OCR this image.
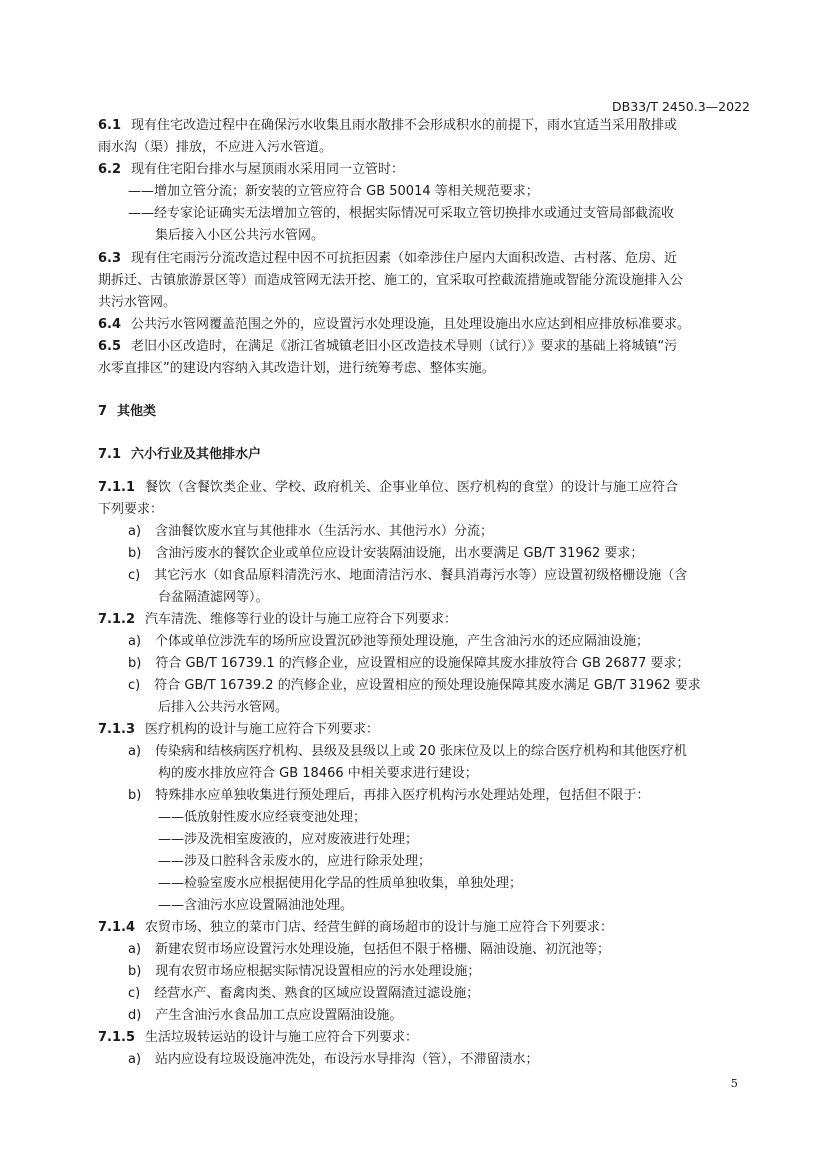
DB33/T 2450.3—2022
6.1 现有住宅改造过程中在确保污水收集且雨水散排不会形成积水的前提下，雨水宜适当采用散排或
雨水沟（渠）排放，不应进入污水管道。
6.2 现有住宅阳台排水与屋顶雨水采用同一立管时：
——增加立管分流；新安装的立管应符合 GB 50014 等相关规范要求；
——经专家论证确实无法增加立管的，根据实际情况可采取立管切换排水或通过支管局部截流收
集后接入小区公共污水管网。
6.3 现有住宅雨污分流改造过程中因不可抗拒因素（如牵涉住户屋内大面积改造、古村落、危房、近
期拆迁、古镇旅游景区等）而造成管网无法开挖、施工的，宜采取可控截流措施或智能分流设施排入公
共污水管网。
6.4 公共污水管网覆盖范围之外的，应设置污水处理设施，且处理设施出水应达到相应排放标准要求。
6.5 老旧小区改造时，在满足《浙江省城镇老旧小区改造技术导则（试行）》要求的基础上将城镇“污
水零直排区”的建设内容纳入其改造计划，进行统筹考虑、整体实施。
7 其他类
7.1 六小行业及其他排水户
7.1.1 餐饮（含餐饮类企业、学校、政府机关、企事业单位、医疗机构的食堂）的设计与施工应符合
下列要求：
a) 含油餐饮废水宜与其他排水（生活污水、其他污水）分流；
b) 含油污废水的餐饮企业或单位应设计安装隔油设施，出水要满足 GB/T 31962 要求；
c) 其它污水（如食品原料清洗污水、地面清洁污水、餐具消毒污水等）应设置初级格栅设施（含
台盆隔渣滤网等）。
7.1.2 汽车清洗、维修等行业的设计与施工应符合下列要求：
a) 个体或单位涉洗车的场所应设置沉砂池等预处理设施，产生含油污水的还应隔油设施；
b) 符合 GB/T 16739.1 的汽修企业，应设置相应的设施保障其废水排放符合 GB 26877 要求；
c) 符合 GB/T 16739.2 的汽修企业，应设置相应的预处理设施保障其废水满足 GB/T 31962 要求
后排入公共污水管网。
7.1.3 医疗机构的设计与施工应符合下列要求：
a) 传染病和结核病医疗机构、县级及县级以上或 20 张床位及以上的综合医疗机构和其他医疗机
构的废水排放应符合 GB 18466 中相关要求进行建设；
b) 特殊排水应单独收集进行预处理后，再排入医疗机构污水处理站处理，包括但不限于：
——低放射性废水应经衰变池处理；
——涉及洗相室废液的，应对废液进行处理；
——涉及口腔科含汞废水的，应进行除汞处理；
——检验室废水应根据使用化学品的性质单独收集，单独处理；
——含油污水应设置隔油池处理。
7.1.4 农贸市场、独立的菜市门店、经营生鲜的商场超市的设计与施工应符合下列要求：
a) 新建农贸市场应设置污水处理设施，包括但不限于格栅、隔油设施、初沉池等；
b) 现有农贸市场应根据实际情况设置相应的污水处理设施；
c) 经营水产、畜禽肉类、熟食的区域应设置隔渣过滤设施；
d) 产生含油污水食品加工点应设置隔油设施。
7.1.5 生活垃圾转运站的设计与施工应符合下列要求：
a) 站内应设有垃圾设施冲洗处，布设污水导排沟（管），不滞留渍水；
5
